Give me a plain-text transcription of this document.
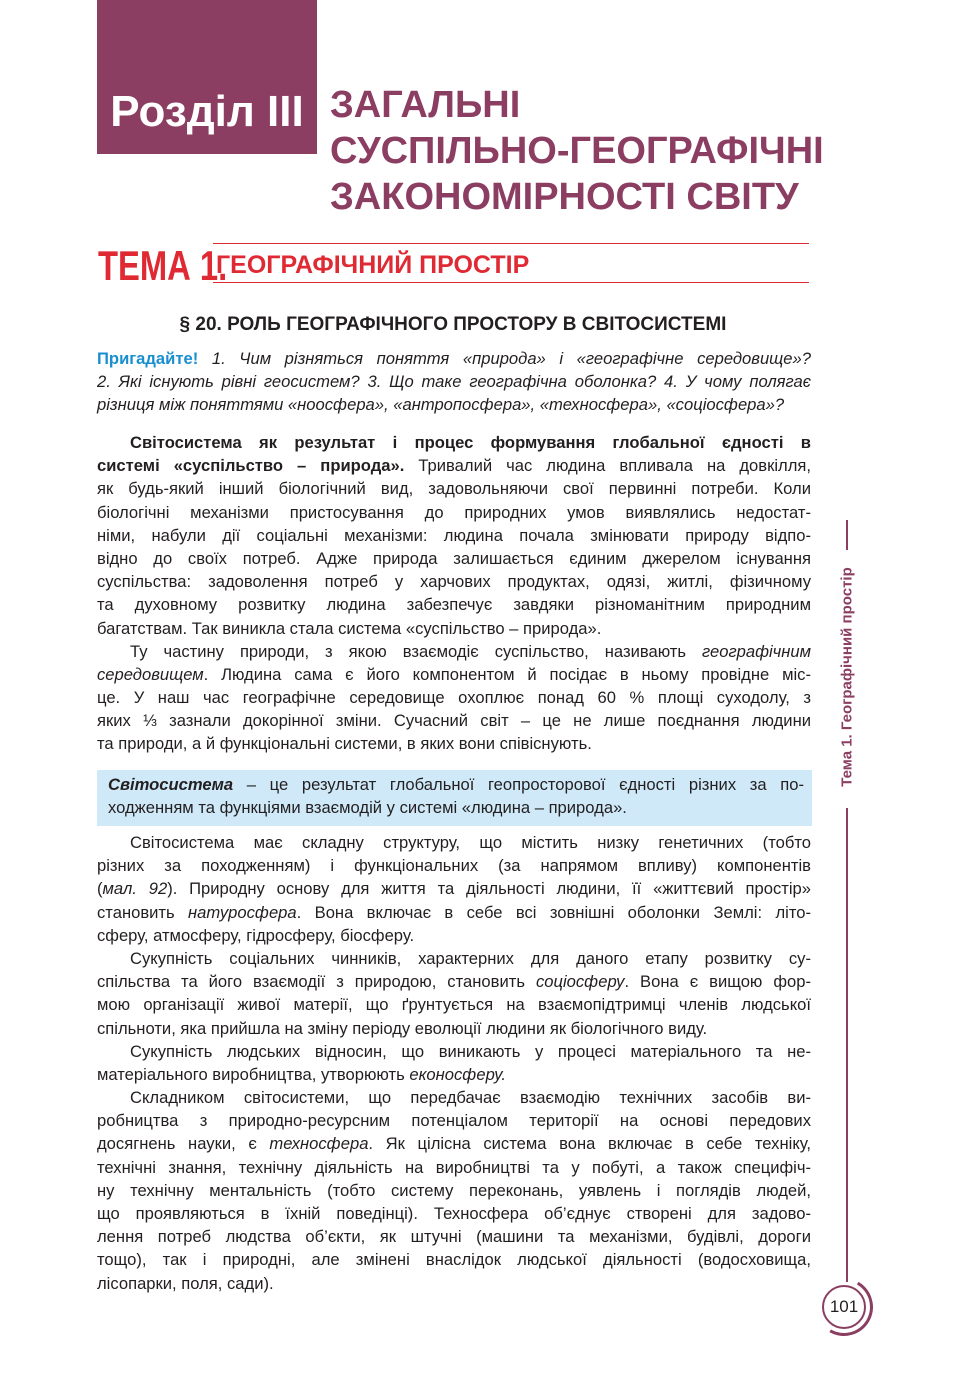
Розділ III ЗАГАЛЬНІ
СУСПІЛЬНО-ГЕОГРАФІЧНІ
ЗАКОНОМІРНОСТІ СВІТУ
ТЕМА 1.
ГЕОГРАФІЧНИЙ ПРОСТІР
§ 20. РОЛЬ ГЕОГРАФІЧНОГО ПРОСТОРУ В СВІТОСИСТЕМІ
Пригадайте! 1. Чим різняться поняття «природа» і «географічне середовище»?
2. Які існують рівні геосистем? 3. Що таке географічна оболонка? 4. У чому полягає
різниця між поняттями «ноосфера», «антропосфера», «техносфера», «соціосфера»?
Світосистема як результат і процес формування глобальної єдності в
системі «суспільство – природа». Тривалий час людина впливала на довкілля,
як будь-який інший біологічний вид, задовольняючи свої первинні потреби. Коли
біологічні механізми пристосування до природних умов виявлялись недостат-
німи, набули дії соціальні механізми: людина почала змінювати природу відпо-
відно до своїх потреб. Адже природа залишається єдиним джерелом існування
суспільства: задоволення потреб у харчових продуктах, одязі, житлі, фізичному
та духовному розвитку людина забезпечує завдяки різноманітним природним
багатствам. Так виникла стала система «суспільство – природа».
Ту частину природи, з якою взаємодіє суспільство, називають географічним
середовищем. Людина сама є його компонентом й посідає в ньому провідне міс-
це. У наш час географічне середовище охоплює понад 60 % площі суходолу, з
яких ⅓ зазнали докорінної зміни. Сучасний світ – це не лише поєднання людини
та природи, а й функціональні системи, в яких вони співіснують.
Світосистема – це результат глобальної геопросторової єдності різних за по-
ходженням та функціями взаємодій у системі «людина – природа».
Світосистема має складну структуру, що містить низку генетичних (тобто
різних за походженням) і функціональних (за напрямом впливу) компонентів
(мал. 92). Природну основу для життя та діяльності людини, її «життєвий простір»
становить натуросфера. Вона включає в себе всі зовнішні оболонки Землі: літо-
сферу, атмосферу, гідросферу, біосферу.
Сукупність соціальних чинників, характерних для даного етапу розвитку су-
спільства та його взаємодії з природою, становить соціосферу. Вона є вищою фор-
мою організації живої матерії, що ґрунтується на взаємопідтримці членів людської
спільноти, яка прийшла на зміну періоду еволюції людини як біологічного виду.
Сукупність людських відносин, що виникають у процесі матеріального та не-
матеріального виробництва, утворюють еконосферу.
Складником світосистеми, що передбачає взаємодію технічних засобів ви-
робництва з природно-ресурсним потенціалом території на основі передових
досягнень науки, є техносфера. Як цілісна система вона включає в себе техніку,
технічні знання, технічну діяльність на виробництві та у побуті, а також специфіч-
ну технічну ментальність (тобто систему переконань, уявлень і поглядів людей,
що проявляються в їхній поведінці). Техносфера об’єднує створені для задово-
лення потреб людства об’єкти, як штучні (машини та механізми, будівлі, дороги
тощо), так і природні, але змінені внаслідок людської діяльності (водосховища,
лісопарки, поля, сади).
Тема 1. Географічний простір
101
